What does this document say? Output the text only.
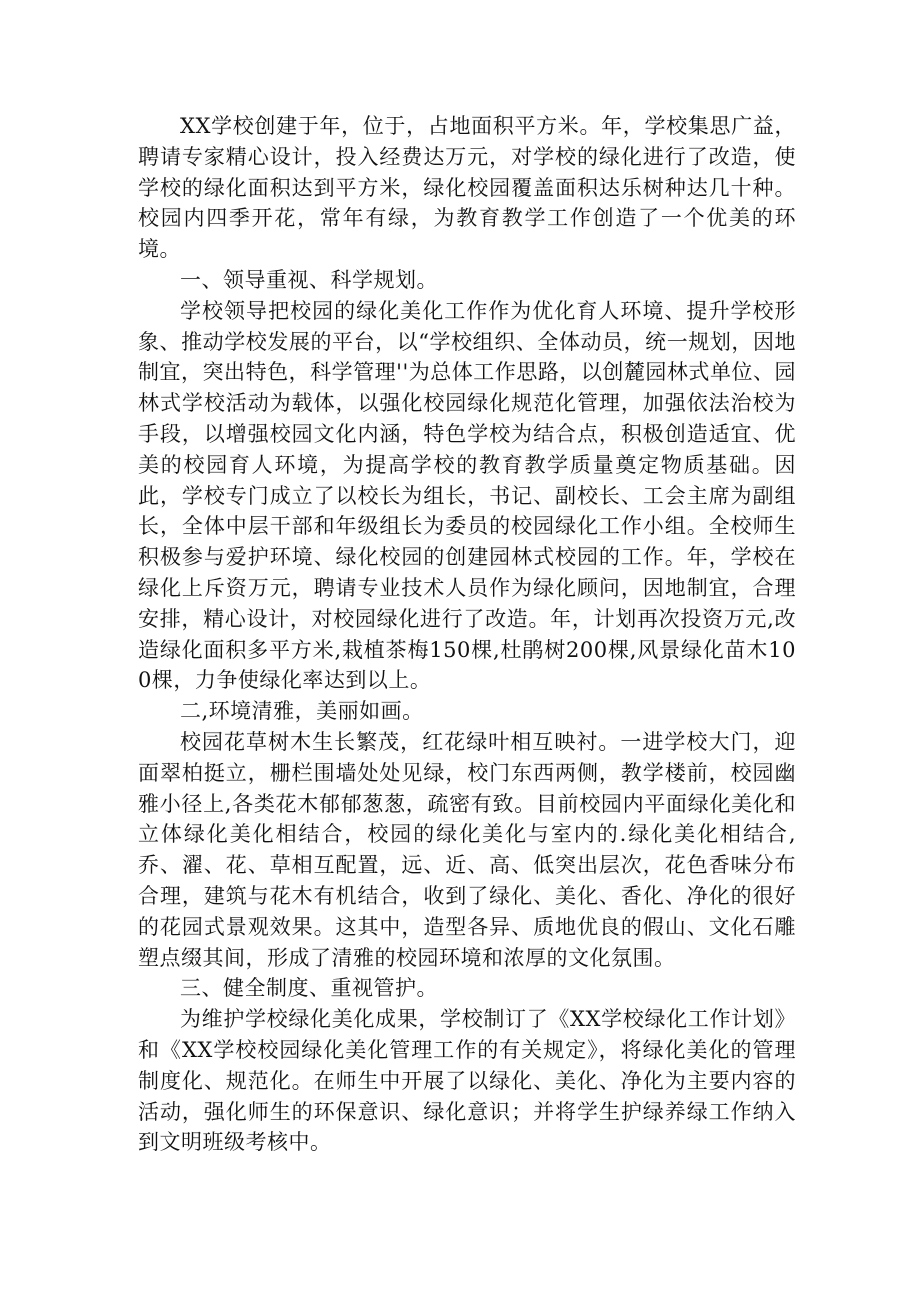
XX学校创建于年，位于，占地面积平方米。年，学校集思广益，聘请专家精心设计，投入经费达万元，对学校的绿化进行了改造，使学校的绿化面积达到平方米，绿化校园覆盖面积达乐树种达几十种。校园内四季开花，常年有绿，为教育教学工作创造了一个优美的环境。

一、领导重视、科学规划。

学校领导把校园的绿化美化工作作为优化育人环境、提升学校形象、推动学校发展的平台，以“学校组织、全体动员，统一规划，因地制宜，突出特色，科学管理''为总体工作思路，以创麓园林式单位、园林式学校活动为载体，以强化校园绿化规范化管理，加强依法治校为手段，以增强校园文化内涵，特色学校为结合点，积极创造适宜、优美的校园育人环境，为提高学校的教育教学质量奠定物质基础。因此，学校专门成立了以校长为组长，书记、副校长、工会主席为副组长，全体中层干部和年级组长为委员的校园绿化工作小组。全校师生积极参与爱护环境、绿化校园的创建园林式校园的工作。年，学校在绿化上斥资万元，聘请专业技术人员作为绿化顾问，因地制宜，合理安排，精心设计，对校园绿化进行了改造。年，计划再次投资万元,改造绿化面积多平方米,栽植茶梅150棵,杜鹃树200棵,风景绿化苗木100棵，力争使绿化率达到以上。

二,环境清雅，美丽如画。

校园花草树木生长繁茂，红花绿叶相互映衬。一进学校大门，迎面翠柏挺立，栅栏围墙处处见绿，校门东西两侧，教学楼前，校园幽雅小径上,各类花木郁郁葱葱，疏密有致。目前校园内平面绿化美化和立体绿化美化相结合，校园的绿化美化与室内的.绿化美化相结合,乔、濯、花、草相互配置，远、近、高、低突出层次，花色香味分布合理，建筑与花木有机结合，收到了绿化、美化、香化、净化的很好的花园式景观效果。这其中，造型各异、质地优良的假山、文化石雕塑点缀其间，形成了清雅的校园环境和浓厚的文化氛围。

三、健全制度、重视管护。

为维护学校绿化美化成果，学校制订了《XX学校绿化工作计划》和《XX学校校园绿化美化管理工作的有关规定》，将绿化美化的管理制度化、规范化。在师生中开展了以绿化、美化、净化为主要内容的活动，强化师生的环保意识、绿化意识；并将学生护绿养绿工作纳入到文明班级考核中。
